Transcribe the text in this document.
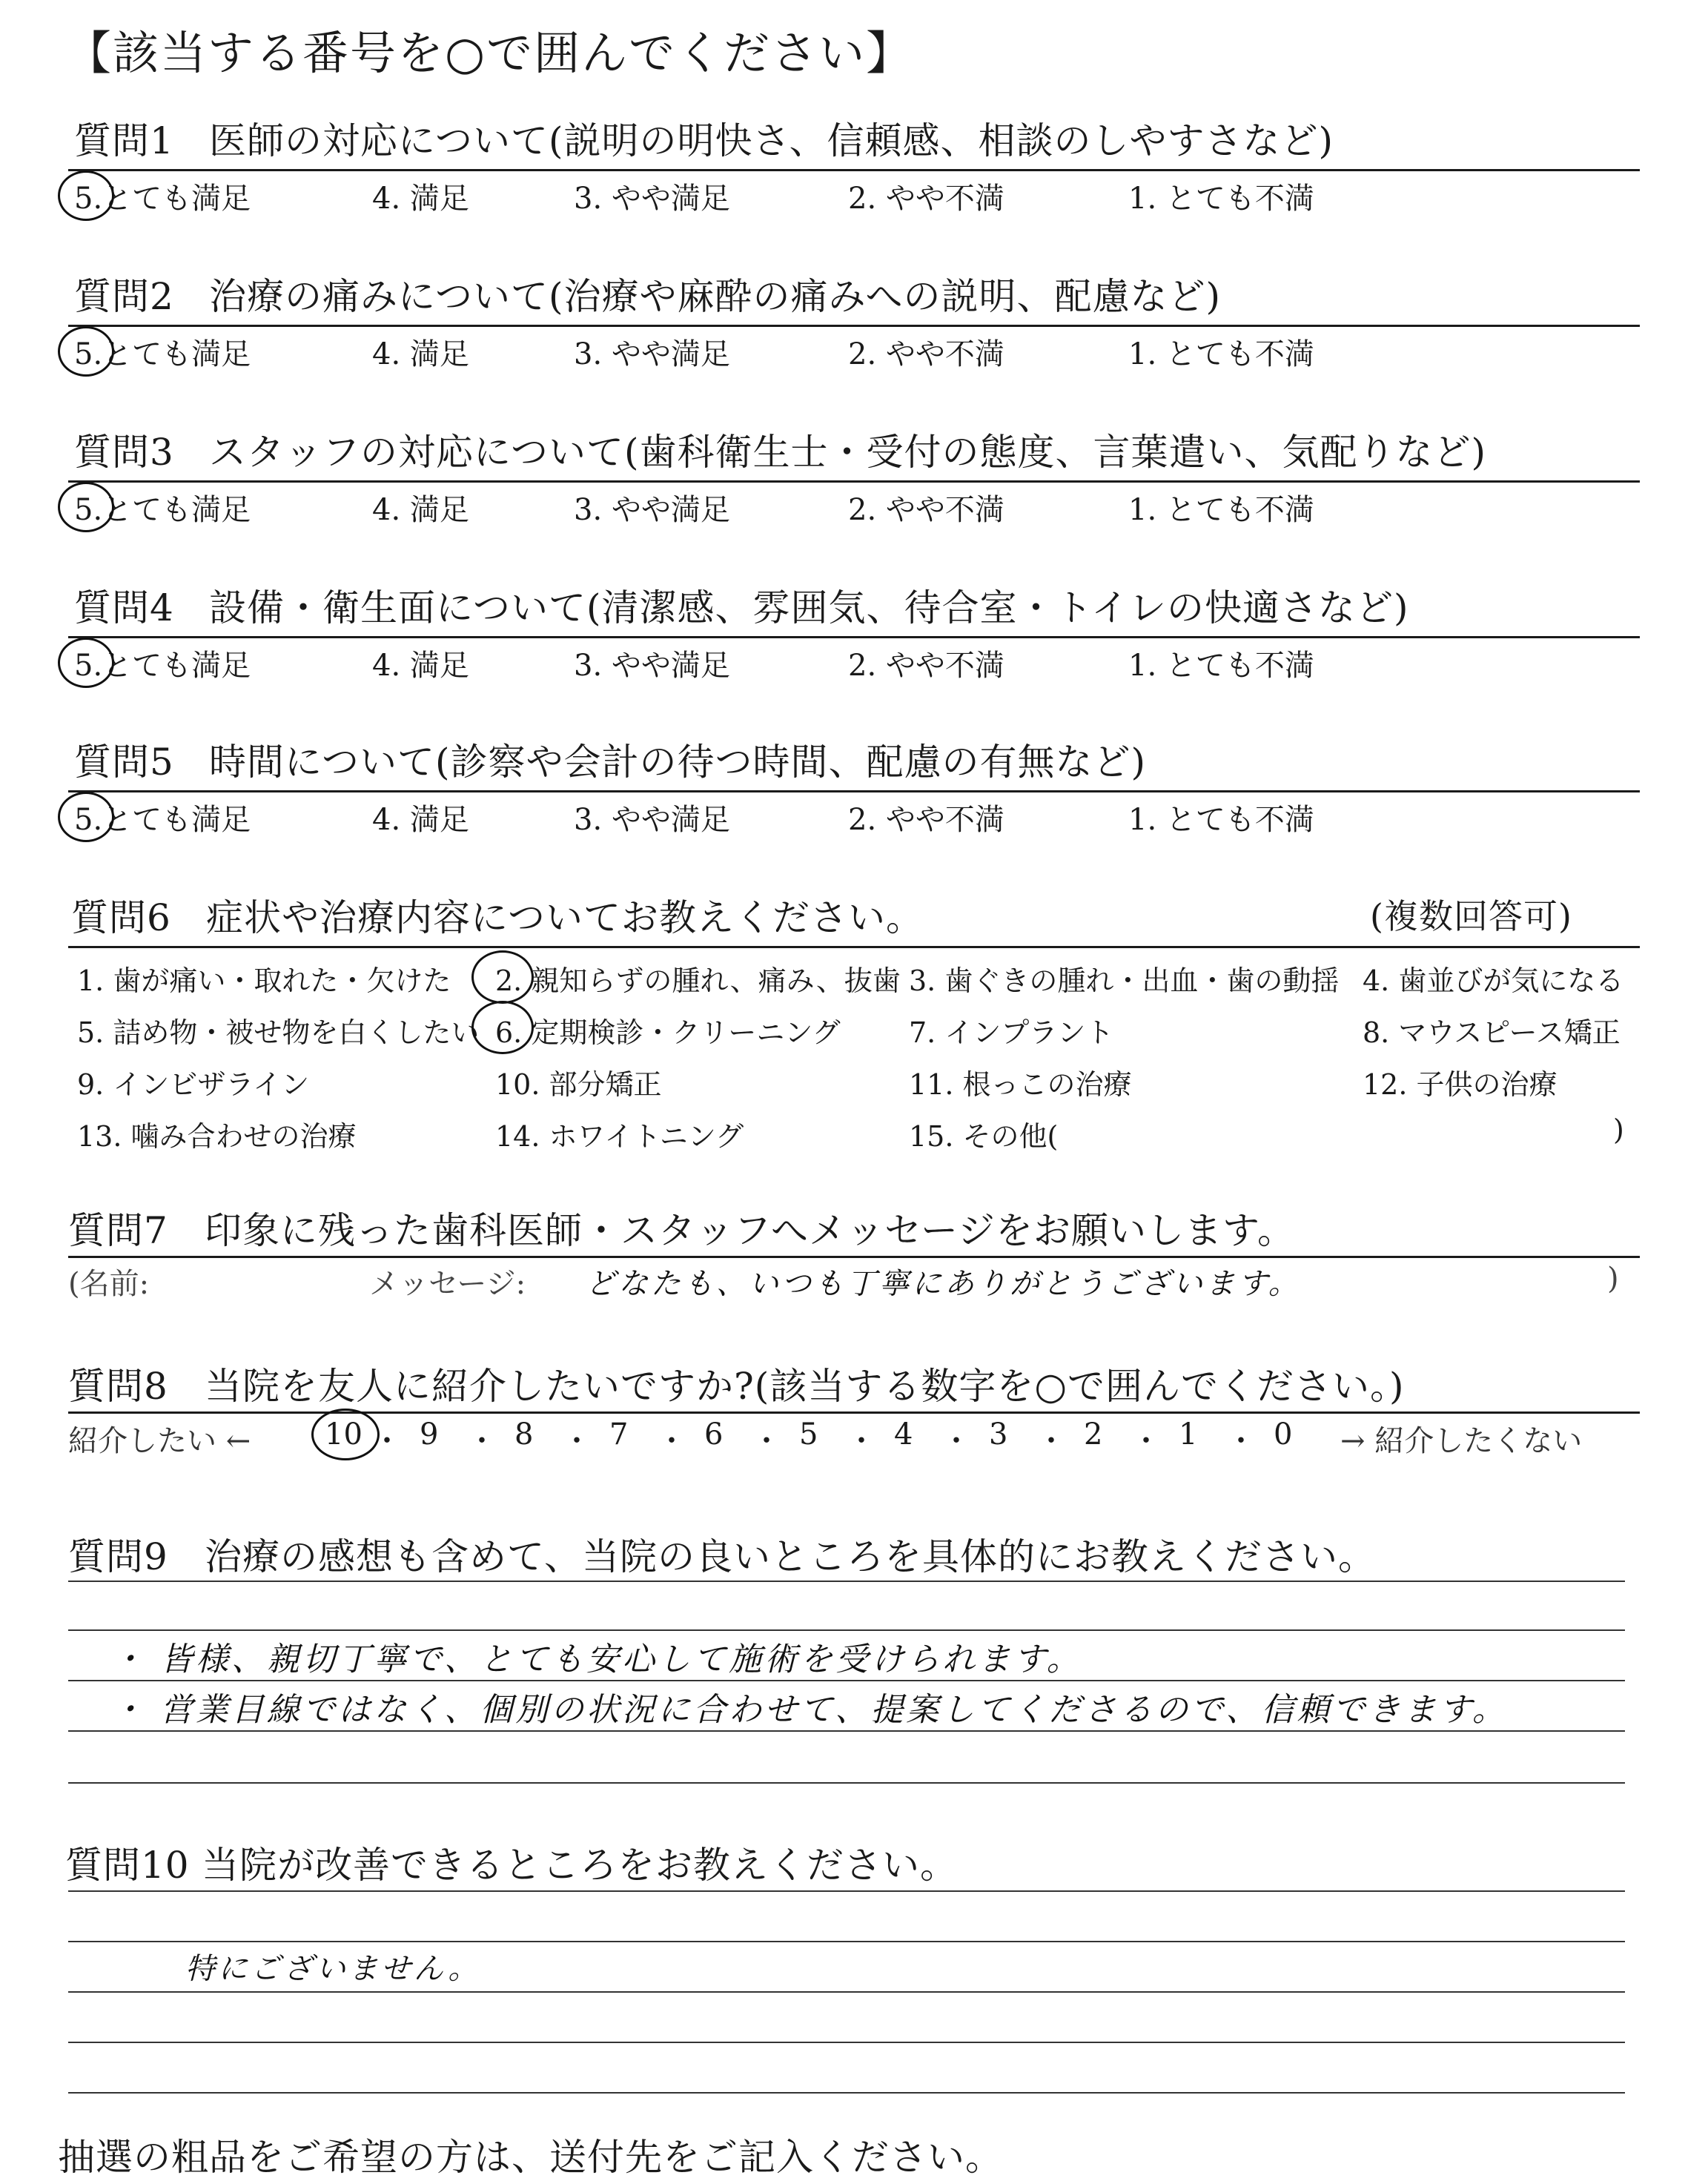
【該当する番号を○で囲んでください】
質問1 医師の対応について(説明の明快さ、信頼感、相談のしやすさなど)
5.とても満足	4. 満足	3. やや満足	2. やや不満	1. とても不満
質問2 治療の痛みについて(治療や麻酔の痛みへの説明、配慮など)
5.とても満足	4. 満足	3. やや満足	2. やや不満	1. とても不満
質問3 スタッフの対応について(歯科衛生士・受付の態度、言葉遣い、気配りなど)
5.とても満足	4. 満足	3. やや満足	2. やや不満	1. とても不満
質問4 設備・衛生面について(清潔感、雰囲気、待合室・トイレの快適さなど)
5.とても満足	4. 満足	3. やや満足	2. やや不満	1. とても不満
質問5 時間について(診察や会計の待つ時間、配慮の有無など)
5.とても満足	4. 満足	3. やや満足	2. やや不満	1. とても不満
質問6 症状や治療内容についてお教えください。	(複数回答可)
1. 歯が痛い・取れた・欠けた 2. 親知らずの腫れ、痛み、抜歯 3. 歯ぐきの腫れ・出血・歯の動揺 4. 歯並びが気になる
5. 詰め物・被せ物を白くしたい 6. 定期検診・クリーニング 7. インプラント	8. マウスピース矯正
9. インビザライン	10. 部分矯正	11. 根っこの治療	12. 子供の治療
13. 噛み合わせの治療	14. ホワイトニング	15. その他(	)
質問7 印象に残った歯科医師・スタッフへメッセージをお願いします。
(名前:	メッセージ: どなたも、いつも丁寧にありがとうございます。	)
質問8 当院を友人に紹介したいですか?(該当する数字を○で囲んでください。)
紹介したい ← 10 ・ 9 ・ 8 ・ 7 ・ 6 ・ 5 ・ 4 ・ 3 ・ 2 ・ 1 ・ 0 → 紹介したくない
質問9 治療の感想も含めて、当院の良いところを具体的にお教えください。
・ 皆様、親切丁寧で、とても安心して施術を受けられます。
・ 営業目線ではなく、個別の状況に合わせて、提案してくださるので、信頼できます。
質問10 当院が改善できるところをお教えください。
特にございません。
抽選の粗品をご希望の方は、送付先をご記入ください。
